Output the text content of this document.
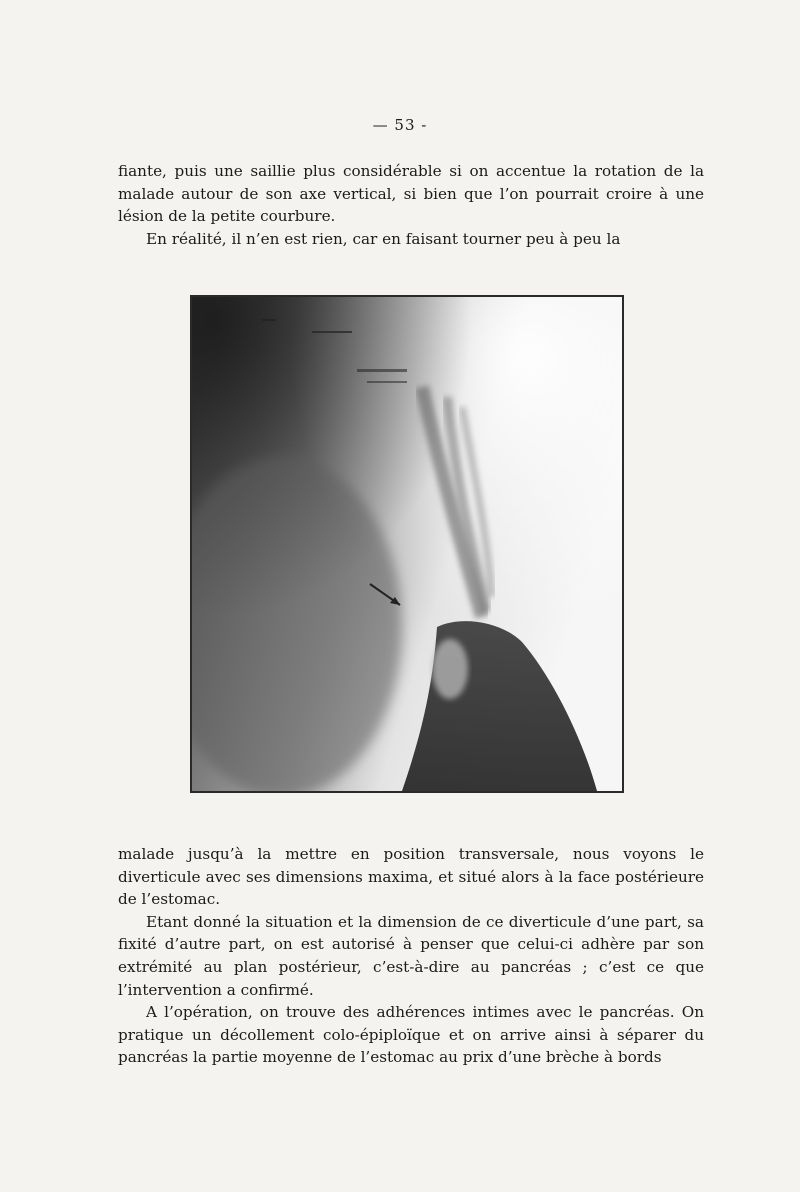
— 53 -

fiante, puis une saillie plus considérable si on accentue la rotation de la malade autour de son axe vertical, si bien que l’on pourrait croire à une lésion de la petite courbure.

En réalité, il n’en est rien, car en faisant tourner peu à peu la

malade jusqu’à la mettre en position transversale, nous voyons le diverticule avec ses dimensions maxima, et situé alors à la face postérieure de l’estomac.

Etant donné la situation et la dimension de ce diverticule d’une part, sa fixité d’autre part, on est autorisé à penser que celui-ci adhère par son extrémité au plan postérieur, c’est-à-dire au pancréas ; c’est ce que l’intervention a confirmé.

A l’opération, on trouve des adhérences intimes avec le pancréas. On pratique un décollement colo-épiploïque et on arrive ainsi à séparer du pancréas la partie moyenne de l’estomac au prix d’une brèche à bords
